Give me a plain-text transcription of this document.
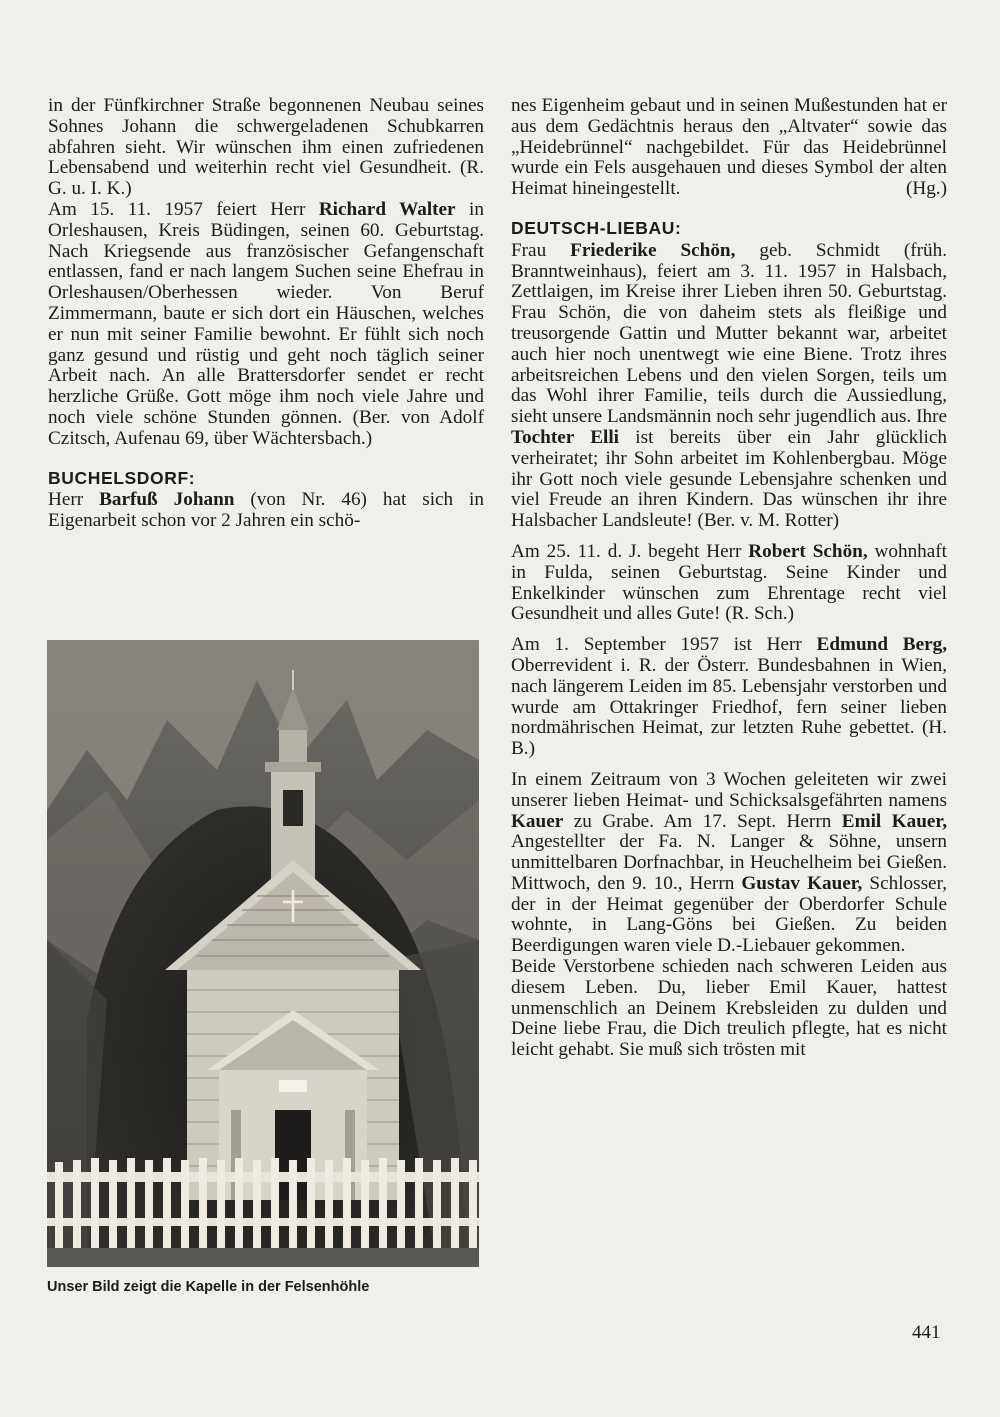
in der Fünfkirchner Straße begonnenen Neubau seines Sohnes Johann die schwergeladenen Schubkarren abfahren sieht. Wir wünschen ihm einen zufriedenen Lebensabend und weiterhin recht viel Gesundheit. (R. G. u. I. K.)

Am 15. 11. 1957 feiert Herr Richard Walter in Orleshausen, Kreis Büdingen, seinen 60. Geburtstag. Nach Kriegsende aus französischer Gefangenschaft entlassen, fand er nach langem Suchen seine Ehefrau in Orleshausen/Oberhessen wieder. Von Beruf Zimmermann, baute er sich dort ein Häuschen, welches er nun mit seiner Familie bewohnt. Er fühlt sich noch ganz gesund und rüstig und geht noch täglich seiner Arbeit nach. An alle Brattersdorfer sendet er recht herzliche Grüße. Gott möge ihm noch viele Jahre und noch viele schöne Stunden gönnen. (Ber. von Adolf Czitsch, Aufenau 69, über Wächtersbach.)

BUCHELSDORF:

Herr Barfuß Johann (von Nr. 46) hat sich in Eigenarbeit schon vor 2 Jahren ein schö-

Unser Bild zeigt die Kapelle in der Felsenhöhle

nes Eigenheim gebaut und in seinen Mußestunden hat er aus dem Gedächtnis heraus den „Altvater“ sowie das „Heidebrünnel“ nachgebildet. Für das Heidebrünnel wurde ein Fels ausgehauen und dieses Symbol der alten Heimat hineingestellt.	(Hg.)

DEUTSCH-LIEBAU:

Frau Friederike Schön, geb. Schmidt (früh. Branntweinhaus), feiert am 3. 11. 1957 in Halsbach, Zettlaigen, im Kreise ihrer Lieben ihren 50. Geburtstag. Frau Schön, die von daheim stets als fleißige und treusorgende Gattin und Mutter bekannt war, arbeitet auch hier noch unentwegt wie eine Biene. Trotz ihres arbeitsreichen Lebens und den vielen Sorgen, teils um das Wohl ihrer Familie, teils durch die Aussiedlung, sieht unsere Landsmännin noch sehr jugendlich aus. Ihre Tochter Elli ist bereits über ein Jahr glücklich verheiratet; ihr Sohn arbeitet im Kohlenbergbau. Möge ihr Gott noch viele gesunde Lebensjahre schenken und viel Freude an ihren Kindern. Das wünschen ihr ihre Halsbacher Landsleute! (Ber. v. M. Rotter)

Am 25. 11. d. J. begeht Herr Robert Schön, wohnhaft in Fulda, seinen Geburtstag. Seine Kinder und Enkelkinder wünschen zum Ehrentage recht viel Gesundheit und alles Gute! (R. Sch.)

Am 1. September 1957 ist Herr Edmund Berg, Oberrevident i. R. der Österr. Bundesbahnen in Wien, nach längerem Leiden im 85. Lebensjahr verstorben und wurde am Ottakringer Friedhof, fern seiner lieben nordmährischen Heimat, zur letzten Ruhe gebettet. (H. B.)

In einem Zeitraum von 3 Wochen geleiteten wir zwei unserer lieben Heimat- und Schicksalsgefährten namens Kauer zu Grabe. Am 17. Sept. Herrn Emil Kauer, Angestellter der Fa. N. Langer & Söhne, unsern unmittelbaren Dorfnachbar, in Heuchelheim bei Gießen. Mittwoch, den 9. 10., Herrn Gustav Kauer, Schlosser, der in der Heimat gegenüber der Oberdorfer Schule wohnte, in Lang-Göns bei Gießen. Zu beiden Beerdigungen waren viele D.-Liebauer gekommen.

Beide Verstorbene schieden nach schweren Leiden aus diesem Leben. Du, lieber Emil Kauer, hattest unmenschlich an Deinem Krebsleiden zu dulden und Deine liebe Frau, die Dich treulich pflegte, hat es nicht leicht gehabt. Sie muß sich trösten mit

441
